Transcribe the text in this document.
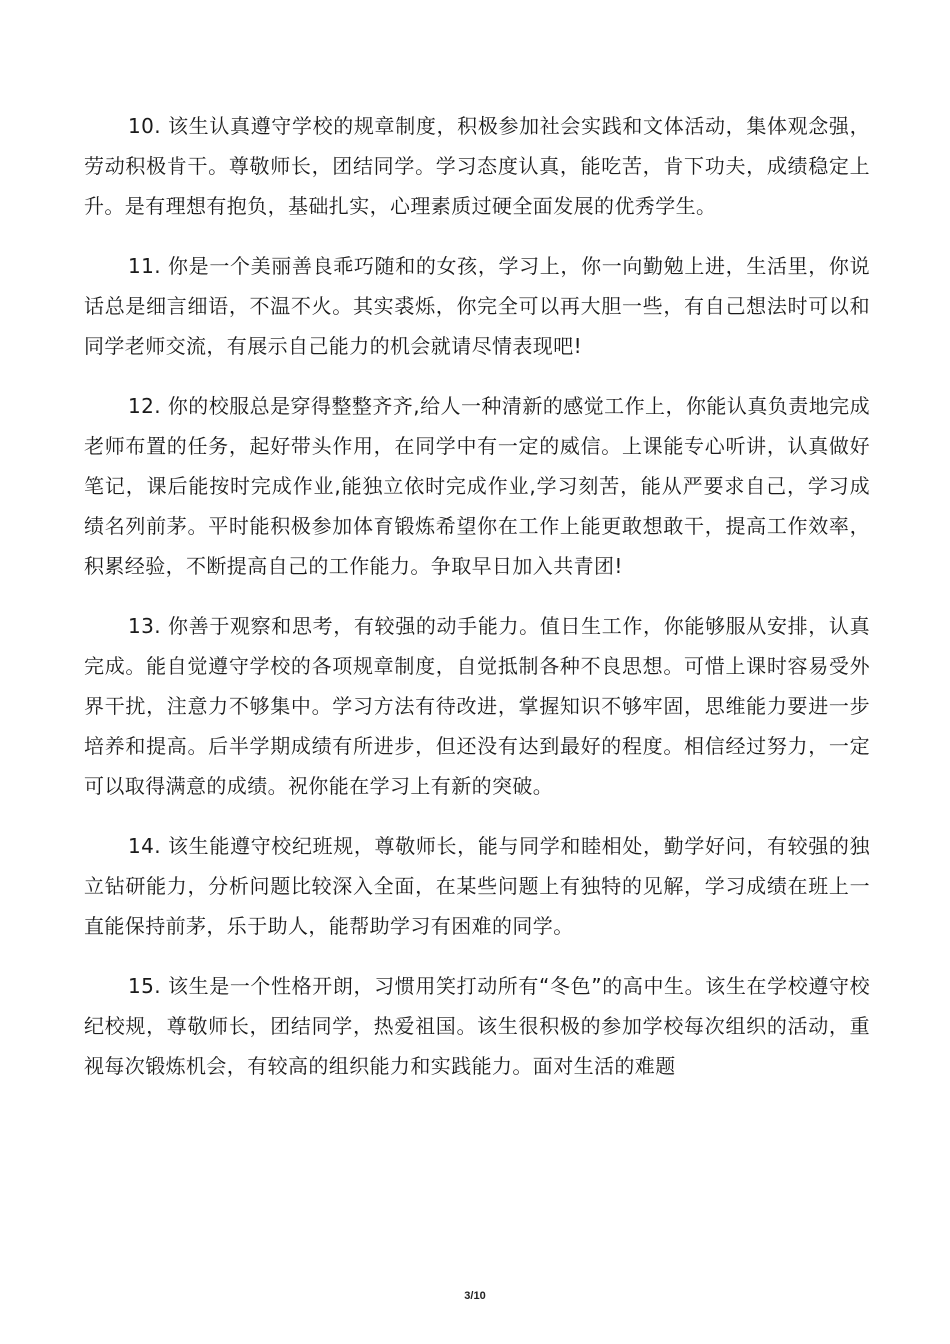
10. 该生认真遵守学校的规章制度，积极参加社会实践和文体活动，集体观念强，劳动积极肯干。尊敬师长，团结同学。学习态度认真，能吃苦，肯下功夫，成绩稳定上升。是有理想有抱负，基础扎实，心理素质过硬全面发展的优秀学生。

11. 你是一个美丽善良乖巧随和的女孩，学习上，你一向勤勉上进，生活里，你说话总是细言细语，不温不火。其实裘烁，你完全可以再大胆一些，有自己想法时可以和同学老师交流，有展示自己能力的机会就请尽情表现吧!

12. 你的校服总是穿得整整齐齐,给人一种清新的感觉工作上，你能认真负责地完成老师布置的任务，起好带头作用，在同学中有一定的威信。上课能专心听讲，认真做好笔记，课后能按时完成作业,能独立依时完成作业,学习刻苦，能从严要求自己，学习成绩名列前茅。平时能积极参加体育锻炼希望你在工作上能更敢想敢干，提高工作效率，积累经验，不断提高自己的工作能力。争取早日加入共青团!

13. 你善于观察和思考，有较强的动手能力。值日生工作，你能够服从安排，认真完成。能自觉遵守学校的各项规章制度，自觉抵制各种不良思想。可惜上课时容易受外界干扰，注意力不够集中。学习方法有待改进，掌握知识不够牢固，思维能力要进一步培养和提高。后半学期成绩有所进步，但还没有达到最好的程度。相信经过努力，一定可以取得满意的成绩。祝你能在学习上有新的突破。

14. 该生能遵守校纪班规，尊敬师长，能与同学和睦相处，勤学好问，有较强的独立钻研能力，分析问题比较深入全面，在某些问题上有独特的见解，学习成绩在班上一直能保持前茅，乐于助人，能帮助学习有困难的同学。

15. 该生是一个性格开朗，习惯用笑打动所有“冬色”的高中生。该生在学校遵守校纪校规，尊敬师长，团结同学，热爱祖国。该生很积极的参加学校每次组织的活动，重视每次锻炼机会，有较高的组织能力和实践能力。面对生活的难题

3/10
